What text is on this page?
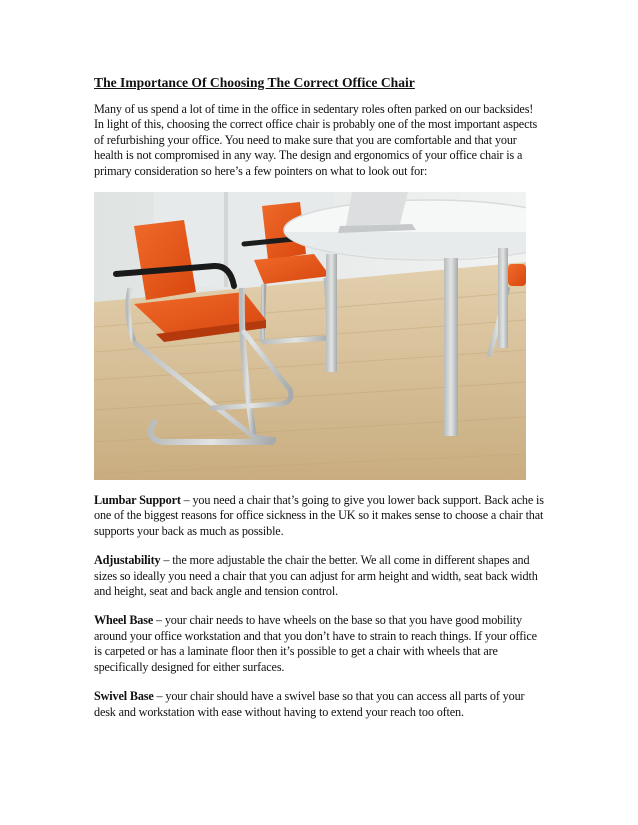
The Importance Of Choosing The Correct Office Chair

Many of us spend a lot of time in the office in sedentary roles often parked on our backsides! In light of this, choosing the correct office chair is probably one of the most important aspects of refurbishing your office. You need to make sure that you are comfortable and that your health is not compromised in any way. The design and ergonomics of your office chair is a primary consideration so here’s a few pointers on what to look out for:

Lumbar Support – you need a chair that’s going to give you lower back support. Back ache is one of the biggest reasons for office sickness in the UK so it makes sense to choose a chair that supports your back as much as possible.

Adjustability – the more adjustable the chair the better. We all come in different shapes and sizes so ideally you need a chair that you can adjust for arm height and width, seat back width and height, seat and back angle and tension control.

Wheel Base – your chair needs to have wheels on the base so that you have good mobility around your office workstation and that you don’t have to strain to reach things. If your office is carpeted or has a laminate floor then it’s possible to get a chair with wheels that are specifically designed for either surfaces.

Swivel Base – your chair should have a swivel base so that you can access all parts of your desk and workstation with ease without having to extend your reach too often.
